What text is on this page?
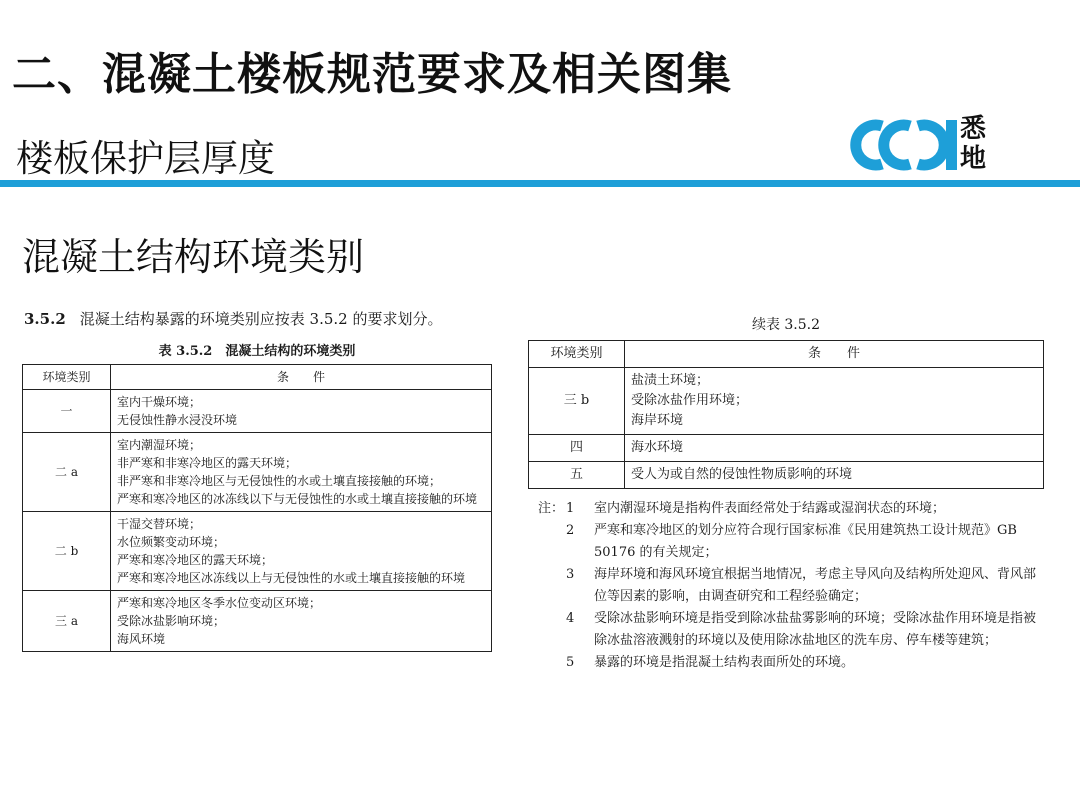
二、混凝土楼板规范要求及相关图集
楼板保护层厚度
悉地
混凝土结构环境类别
3.5.2 混凝土结构暴露的环境类别应按表 3.5.2 的要求划分。
表 3.5.2　混凝土结构的环境类别
环境类别	条　　件
一	室内干燥环境；
无侵蚀性静水浸没环境

二 a	室内潮湿环境；
非严寒和非寒冷地区的露天环境；
非严寒和非寒冷地区与无侵蚀性的水或土壤直接接触的环境；
严寒和寒冷地区的冰冻线以下与无侵蚀性的水或土壤直接接触的环境

二 b	干湿交替环境；
水位频繁变动环境；
严寒和寒冷地区的露天环境；
严寒和寒冷地区冰冻线以上与无侵蚀性的水或土壤直接接触的环境

三 a	严寒和寒冷地区冬季水位变动区环境；
受除冰盐影响环境；
海风环境
续表 3.5.2
环境类别	条　　件
三 b	盐渍土环境；
受除冰盐作用环境；
海岸环境

四	海水环境

五	受人为或自然的侵蚀性物质影响的环境
注： 1	室内潮湿环境是指构件表面经常处于结露或湿润状态的环境；
2	严寒和寒冷地区的划分应符合现行国家标准《民用建筑热工设计规范》GB 50176 的有关规定；
3	海岸环境和海风环境宜根据当地情况，考虑主导风向及结构所处迎风、背风部位等因素的影响，由调查研究和工程经验确定；
4	受除冰盐影响环境是指受到除冰盐盐雾影响的环境；受除冰盐作用环境是指被除冰盐溶液溅射的环境以及使用除冰盐地区的洗车房、停车楼等建筑；
5	暴露的环境是指混凝土结构表面所处的环境。
